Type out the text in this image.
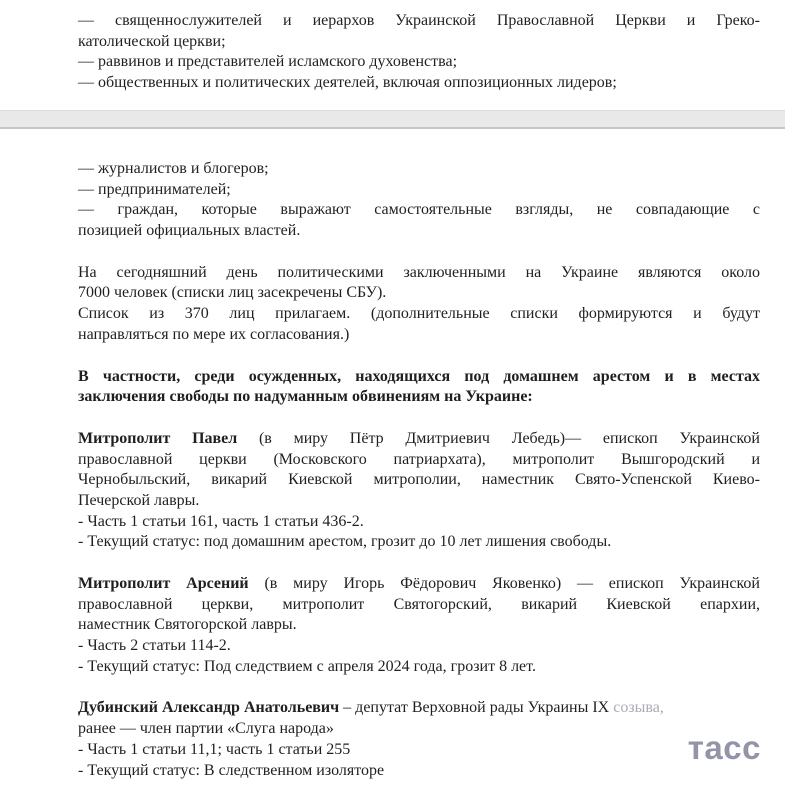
— священнослужителей и иерархов Украинской Православной Церкви и Греко-
католической церкви;
— раввинов и представителей исламского духовенства;
— общественных и политических деятелей, включая оппозиционных лидеров;
— журналистов и блогеров;
— предпринимателей;
— граждан, которые выражают самостоятельные взгляды, не совпадающие с
позицией официальных властей.
На сегодняшний день политическими заключенными на Украине являются около
7000 человек (списки лиц засекречены СБУ).
Список из 370 лиц прилагаем. (дополнительные списки формируются и будут
направляться по мере их согласования.)
В частности, среди осужденных, находящихся под домашнем арестом и в местах
заключения свободы по надуманным обвинениям на Украине:
Митрополит Павел (в миру Пётр Дмитриевич Лебедь)— епископ Украинской
православной церкви (Московского патриархата), митрополит Вышгородский и
Чернобыльский, викарий Киевской митрополии, наместник Свято-Успенской Киево-
Печерской лавры.
- Часть 1 статьи 161, часть 1 статьи 436-2.
- Текущий статус: под домашним арестом, грозит до 10 лет лишения свободы.
Митрополит Арсений (в миру Игорь Фёдорович Яковенко) — епископ Украинской
православной церкви, митрополит Святогорский, викарий Киевской епархии,
наместник Святогорской лавры.
- Часть 2 статьи 114-2.
- Текущий статус: Под следствием с апреля 2024 года, грозит 8 лет.
Дубинский Александр Анатольевич – депутат Верховной рады Украины IX созыва,
ранее — член партии «Слуга народа»
- Часть 1 статьи 11,1; часть 1 статьи 255
- Текущий статус: В следственном изоляторе
тасс
